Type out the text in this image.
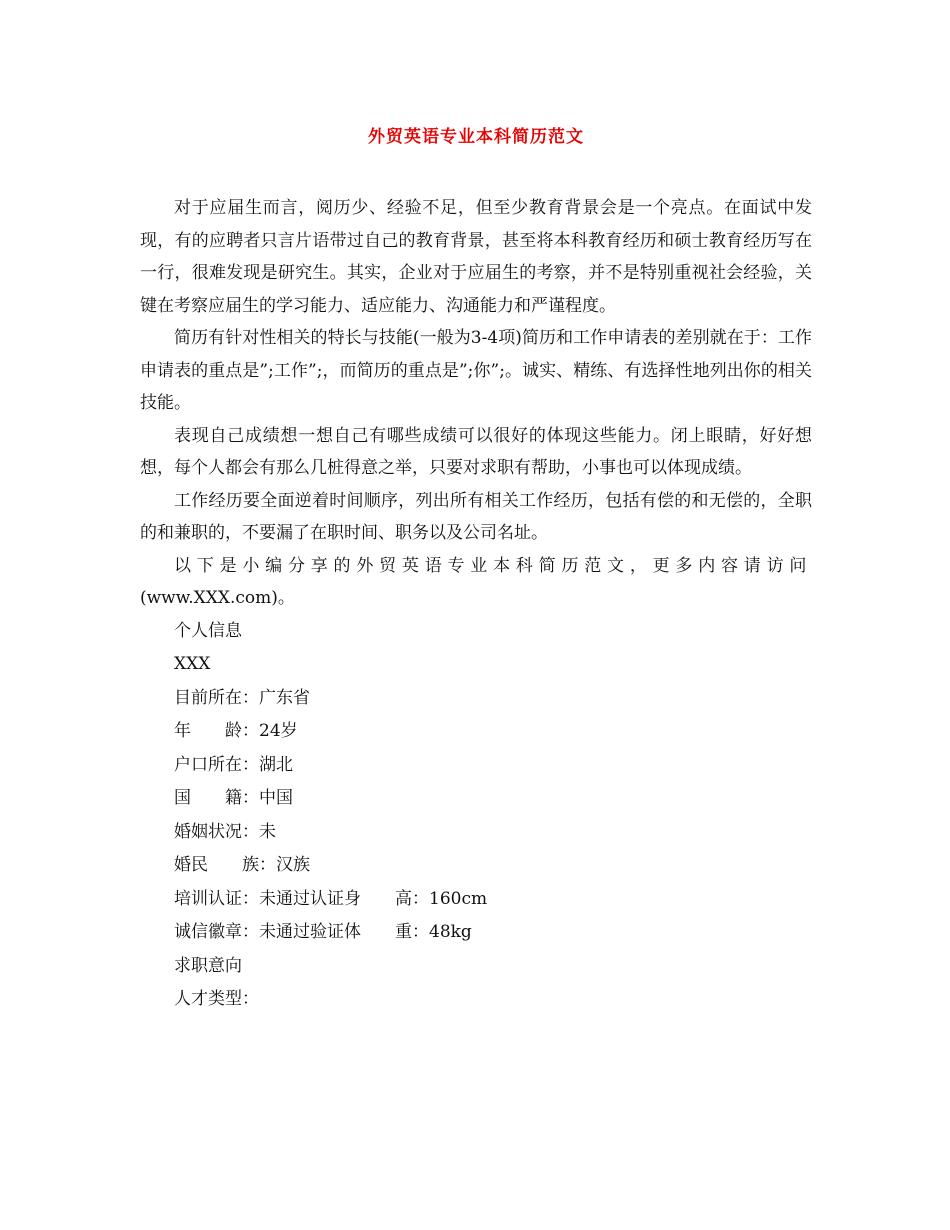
外贸英语专业本科简历范文

对于应届生而言，阅历少、经验不足，但至少教育背景会是一个亮点。在面试中发现，有的应聘者只言片语带过自己的教育背景，甚至将本科教育经历和硕士教育经历写在一行，很难发现是研究生。其实，企业对于应届生的考察，并不是特别重视社会经验，关键在考察应届生的学习能力、适应能力、沟通能力和严谨程度。

简历有针对性相关的特长与技能(一般为3-4项)简历和工作申请表的差别就在于：工作申请表的重点是”;工作”;，而简历的重点是”;你”;。诚实、精练、有选择性地列出你的相关技能。

表现自己成绩想一想自己有哪些成绩可以很好的体现这些能力。闭上眼睛，好好想想，每个人都会有那么几桩得意之举，只要对求职有帮助，小事也可以体现成绩。

工作经历要全面逆着时间顺序，列出所有相关工作经历，包括有偿的和无偿的，全职的和兼职的，不要漏了在职时间、职务以及公司名址。

以下是小编分享的外贸英语专业本科简历范文，更多内容请访问(www.XXX.com)。

个人信息
XXX
目前所在：广东省
年　　龄：24岁
户口所在：湖北
国　　籍：中国
婚姻状况：未
婚民　　族：汉族
培训认证：未通过认证身　　高：160cm
诚信徽章：未通过验证体　　重：48kg
求职意向
人才类型：
